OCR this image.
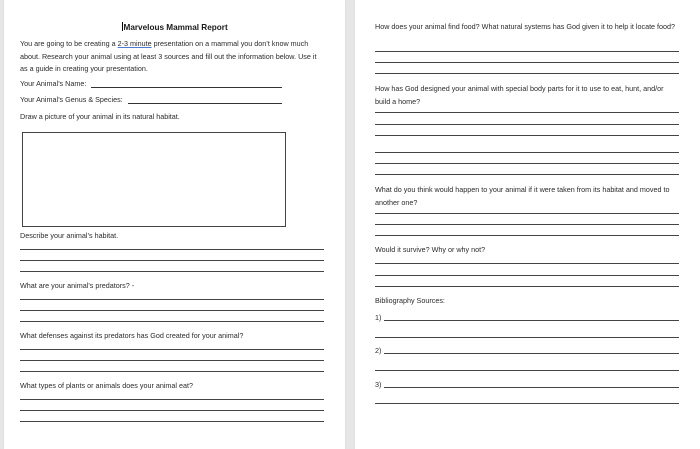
Marvelous Mammal Report
You are going to be creating a 2-3 minute presentation on a mammal you don’t know much about. Research your animal using at least 3 sources and fill out the information below. Use it as a guide in creating your presentation.
Your Animal’s Name:
Your Animal’s Genus & Species:
Draw a picture of your animal in its natural habitat.
Describe your animal’s habitat.
What are your animal’s predators? -
What defenses against its predators has God created for your animal?
What types of plants or animals does your animal eat?
How does your animal find food? What natural systems has God given it to help it locate food?
How has God designed your animal with special body parts for it to use to eat, hunt, and/or build a home?
What do you think would happen to your animal if it were taken from its habitat and moved to another one?
Would it survive? Why or why not?
Bibliography Sources:
1)
2)
3)
